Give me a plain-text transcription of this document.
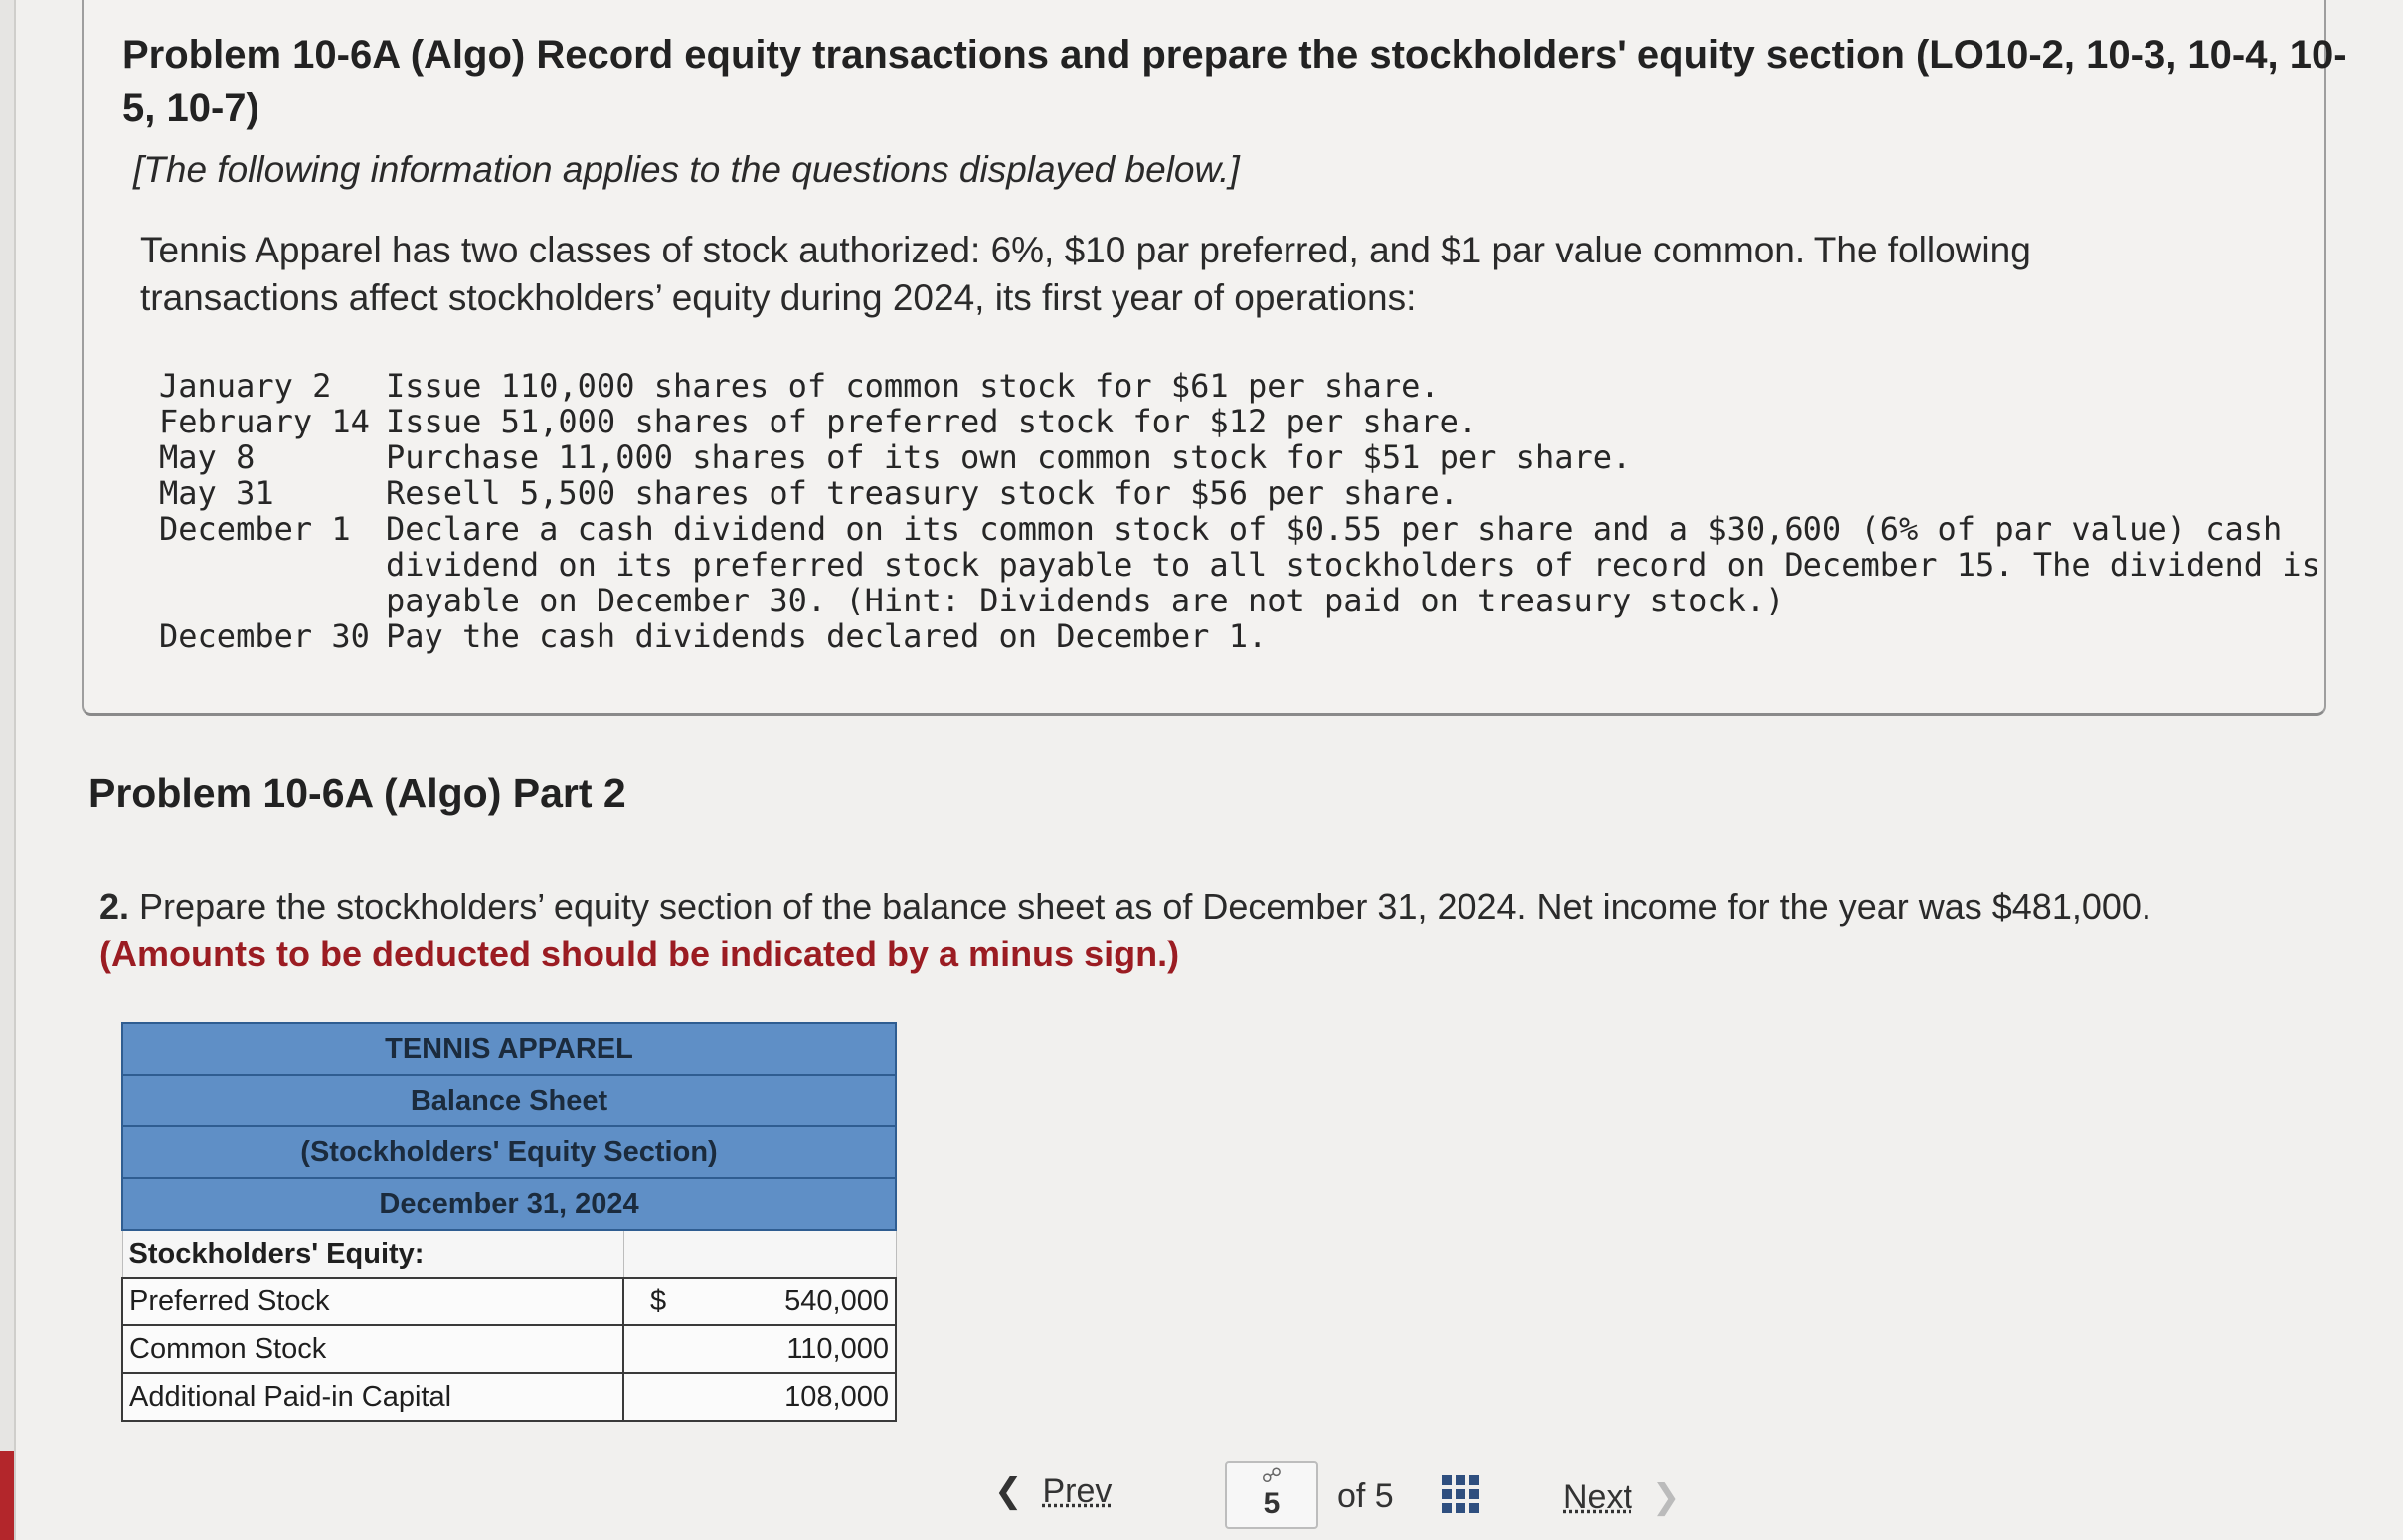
Problem 10-6A (Algo) Record equity transactions and prepare the stockholders' equity section (LO10-2, 10-3, 10-4, 10-5, 10-7)
[The following information applies to the questions displayed below.]
Tennis Apparel has two classes of stock authorized: 6%, $10 par preferred, and $1 par value common. The following transactions affect stockholders’ equity during 2024, its first year of operations:
January 2	Issue 110,000 shares of common stock for $61 per share.
February 14	Issue 51,000 shares of preferred stock for $12 per share.
May 8	Purchase 11,000 shares of its own common stock for $51 per share.
May 31	Resell 5,500 shares of treasury stock for $56 per share.
December 1	Declare a cash dividend on its common stock of $0.55 per share and a $30,600 (6% of par value) cash dividend on its preferred stock payable to all stockholders of record on December 15. The dividend is payable on December 30. (Hint: Dividends are not paid on treasury stock.)
December 30	Pay the cash dividends declared on December 1.
Problem 10-6A (Algo) Part 2
2. Prepare the stockholders’ equity section of the balance sheet as of December 31, 2024. Net income for the year was $481,000.
(Amounts to be deducted should be indicated by a minus sign.)
TENNIS APPAREL	
Balance Sheet	
(Stockholders' Equity Section)	
December 31, 2024	
Stockholders' Equity:	
Preferred Stock	$ 540,000
Common Stock	110,000
Additional Paid-in Capital	108,000
❮ Prev	☍
5	of 5	Next ❯
